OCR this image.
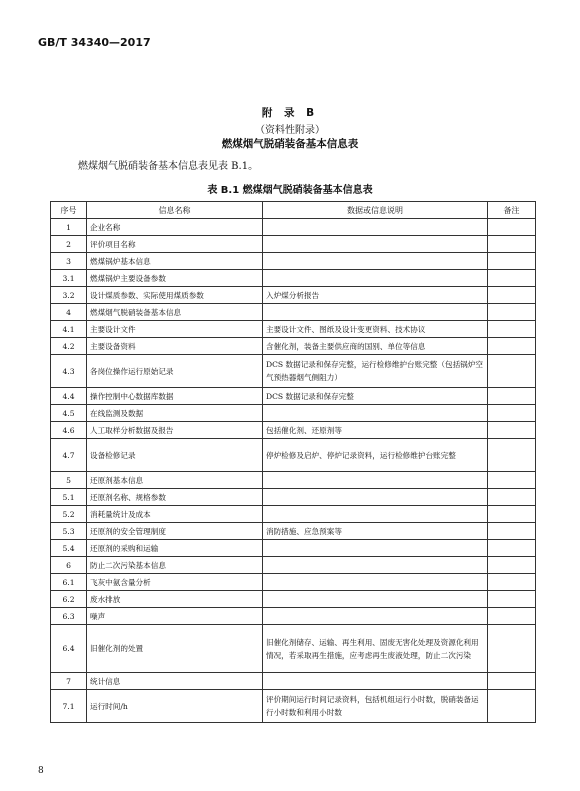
GB/T 34340—2017
附 录 B
（资料性附录）
燃煤烟气脱硝装备基本信息表
燃煤烟气脱硝装备基本信息表见表 B.1。
表 B.1 燃煤烟气脱硝装备基本信息表
序号	信息名称	数据或信息说明	备注
1	企业名称		
2	评价项目名称		
3	燃煤锅炉基本信息		
3.1	燃煤锅炉主要设备参数		
3.2	设计煤质参数、实际使用煤质参数	入炉煤分析报告	
4	燃煤烟气脱硝装备基本信息		
4.1	主要设计文件	主要设计文件、图纸及设计变更资料、技术协议	
4.2	主要设备资料	含催化剂，装备主要供应商的国别、单位等信息	
4.3	各岗位操作运行原始记录	DCS 数据记录和保存完整，运行检修维护台账完整（包括锅炉空气预热器烟气侧阻力）	
4.4	操作控制中心数据库数据	DCS 数据记录和保存完整	
4.5	在线监测及数据		
4.6	人工取样分析数据及报告	包括催化剂、还原剂等	
4.7	设备检修记录	停炉检修及启炉、停炉记录资料，运行检修维护台账完整	
5	还原剂基本信息		
5.1	还原剂名称、规格参数		
5.2	消耗量统计及成本		
5.3	还原剂的安全管理制度	消防措施、应急预案等	
5.4	还原剂的采购和运输		
6	防止二次污染基本信息		
6.1	飞灰中氨含量分析		
6.2	废水排放		
6.3	噪声		
6.4	旧催化剂的处置	旧催化剂储存、运输、再生利用、固废无害化处理及资源化利用情况，若采取再生措施，应考虑再生废液处理，防止二次污染	
7	统计信息		
7.1	运行时间/h	评价期间运行时间记录资料，包括机组运行小时数，脱硝装备运行小时数和利用小时数	
8
